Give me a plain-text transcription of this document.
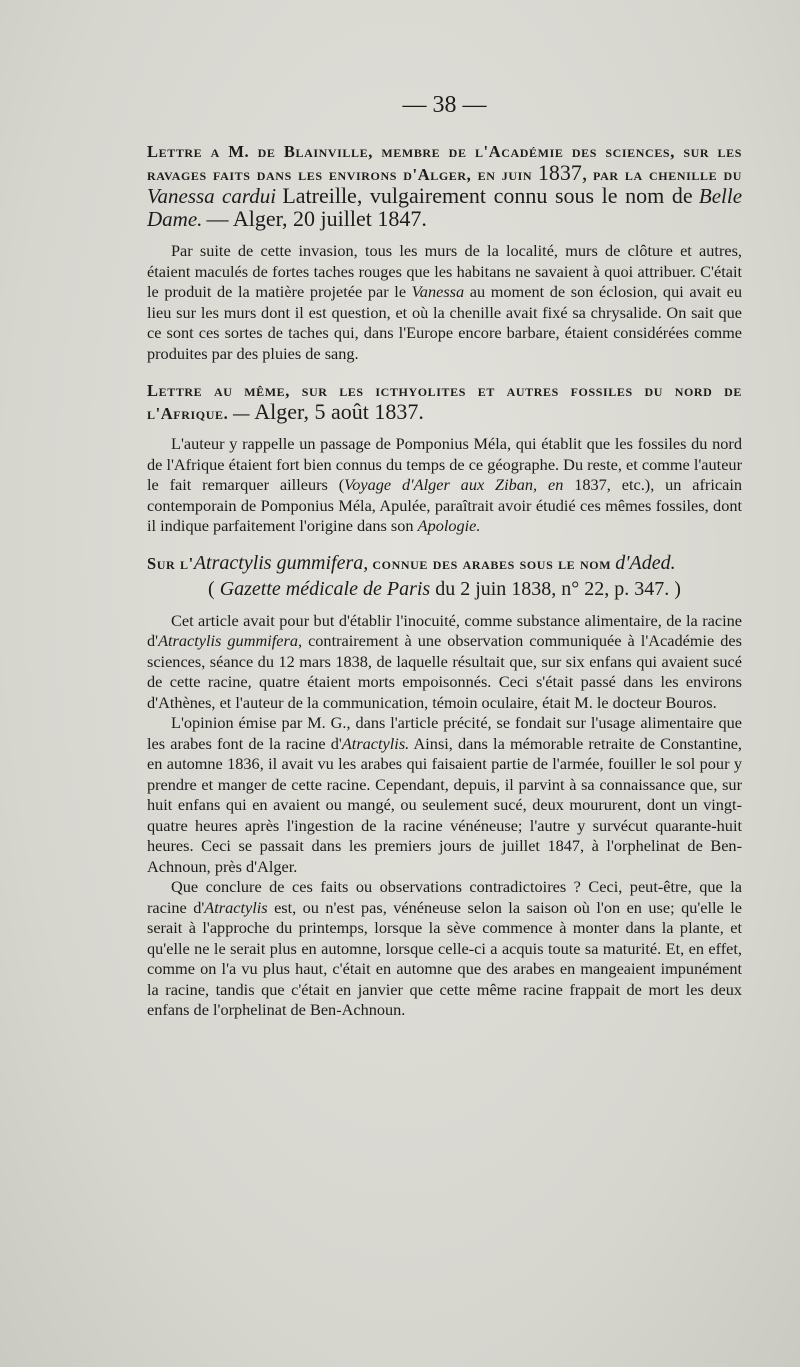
— 38 —
Lettre a M. de Blainville, membre de l'Académie des sciences, sur les ravages faits dans les environs d'Alger, en juin 1837, par la chenille du Vanessa cardui Latreille, vulgairement connu sous le nom de Belle Dame. — Alger, 20 juillet 1847.

Par suite de cette invasion, tous les murs de la localité, murs de clôture et autres, étaient maculés de fortes taches rouges que les habitans ne savaient à quoi attribuer. C'était le produit de la matière projetée par le Vanessa au moment de son éclosion, qui avait eu lieu sur les murs dont il est question, et où la chenille avait fixé sa chrysalide. On sait que ce sont ces sortes de taches qui, dans l'Europe encore barbare, étaient considérées comme produites par des pluies de sang.

Lettre au même, sur les icthyolites et autres fossiles du nord de l'Afrique. — Alger, 5 août 1837.

L'auteur y rappelle un passage de Pomponius Méla, qui établit que les fossiles du nord de l'Afrique étaient fort bien connus du temps de ce géographe. Du reste, et comme l'auteur le fait remarquer ailleurs (Voyage d'Alger aux Ziban, en 1837, etc.), un africain contemporain de Pomponius Méla, Apulée, paraîtrait avoir étudié ces mêmes fossiles, dont il indique parfaitement l'origine dans son Apologie.

Sur l'Atractylis gummifera, connue des arabes sous le nom d'Aded.
( Gazette médicale de Paris du 2 juin 1838, n° 22, p. 347. )

Cet article avait pour but d'établir l'inocuité, comme substance alimentaire, de la racine d'Atractylis gummifera, contrairement à une observation communiquée à l'Académie des sciences, séance du 12 mars 1838, de laquelle résultait que, sur six enfans qui avaient sucé de cette racine, quatre étaient morts empoisonnés. Ceci s'était passé dans les environs d'Athènes, et l'auteur de la communication, témoin oculaire, était M. le docteur Bouros.

L'opinion émise par M. G., dans l'article précité, se fondait sur l'usage alimentaire que les arabes font de la racine d'Atractylis. Ainsi, dans la mémorable retraite de Constantine, en automne 1836, il avait vu les arabes qui faisaient partie de l'armée, fouiller le sol pour y prendre et manger de cette racine. Cependant, depuis, il parvint à sa connaissance que, sur huit enfans qui en avaient ou mangé, ou seulement sucé, deux moururent, dont un vingt-quatre heures après l'ingestion de la racine vénéneuse; l'autre y survécut quarante-huit heures. Ceci se passait dans les premiers jours de juillet 1847, à l'orphelinat de Ben-Achnoun, près d'Alger.

Que conclure de ces faits ou observations contradictoires ? Ceci, peut-être, que la racine d'Atractylis est, ou n'est pas, vénéneuse selon la saison où l'on en use; qu'elle le serait à l'approche du printemps, lorsque la sève commence à monter dans la plante, et qu'elle ne le serait plus en automne, lorsque celle-ci a acquis toute sa maturité. Et, en effet, comme on l'a vu plus haut, c'était en automne que des arabes en mangeaient impunément la racine, tandis que c'était en janvier que cette même racine frappait de mort les deux enfans de l'orphelinat de Ben-Achnoun.
